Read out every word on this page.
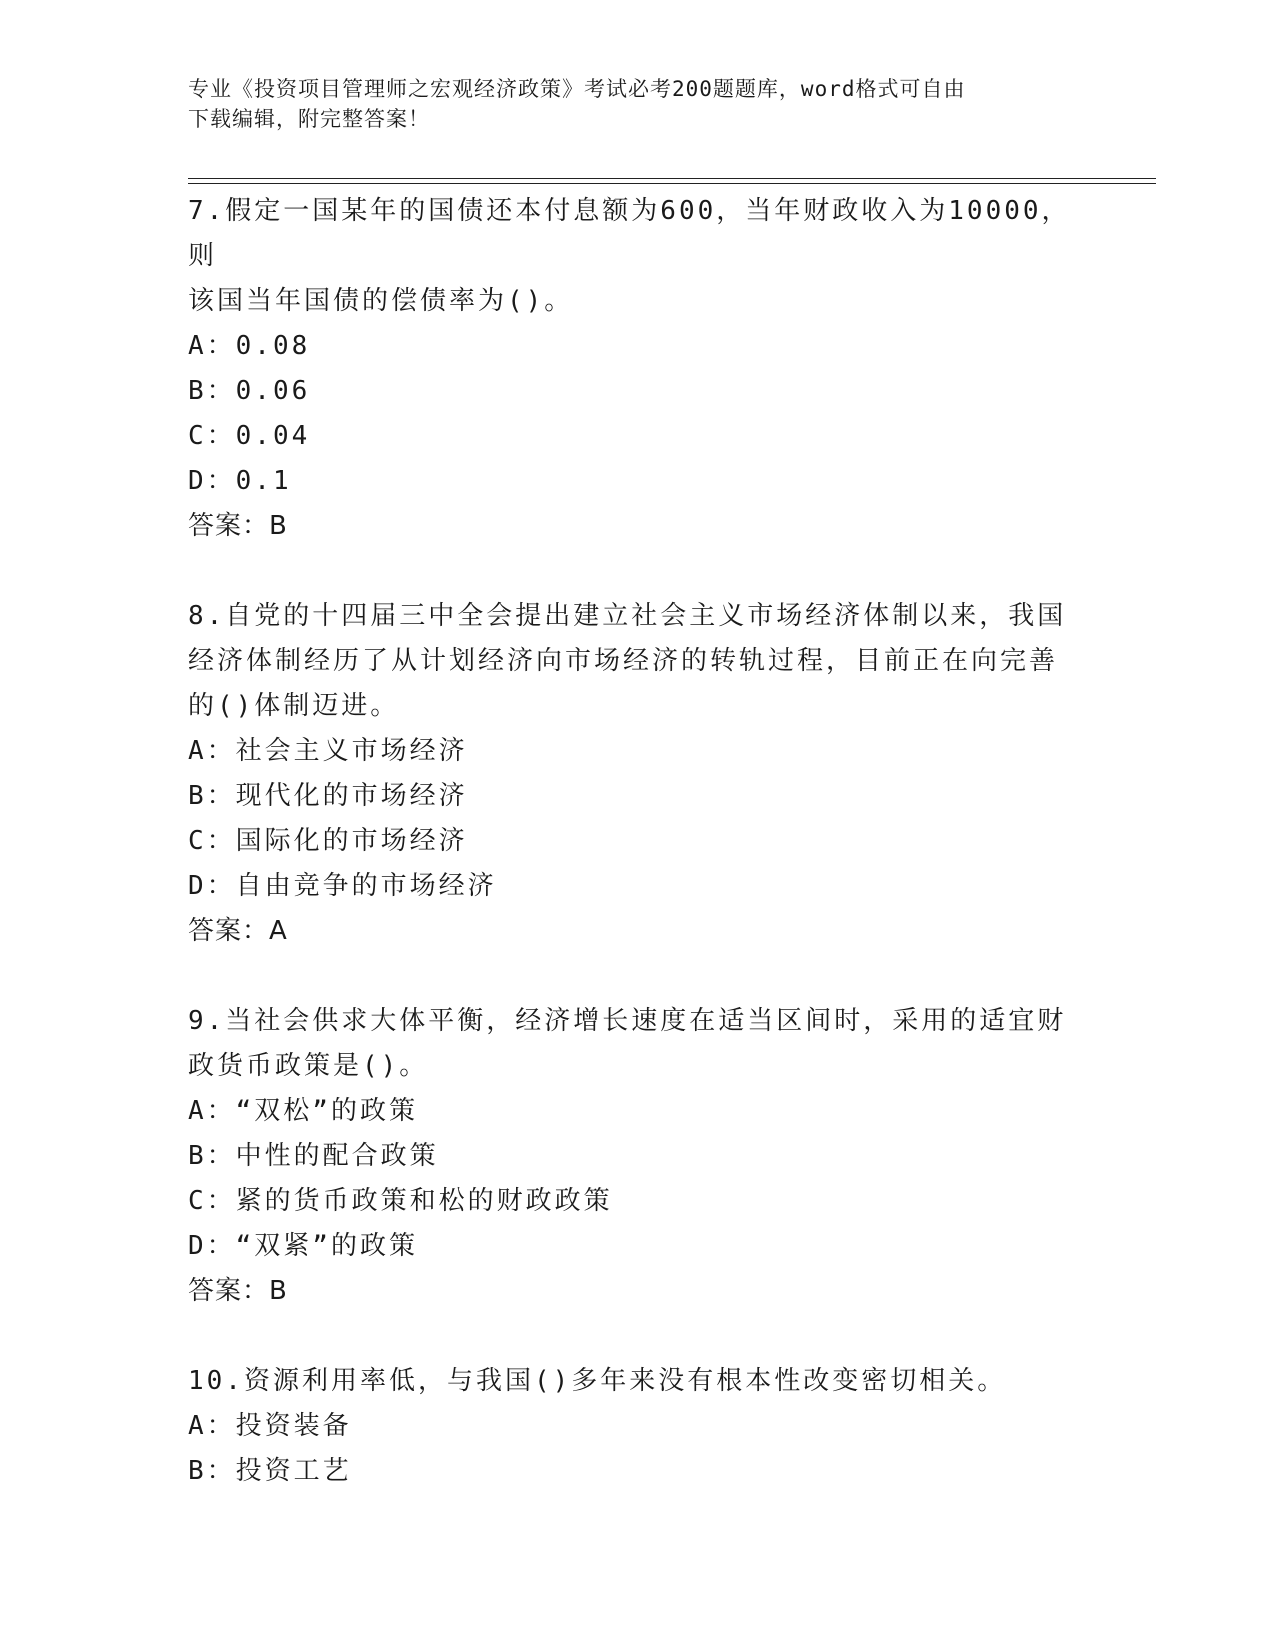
专业《投资项目管理师之宏观经济政策》考试必考200题题库，word格式可自由
下载编辑，附完整答案！
7.假定一国某年的国债还本付息额为600，当年财政收入为10000，则
该国当年国债的偿债率为()。
A：0.08
B：0.06
C：0.04
D：0.1
答案：B
8.自党的十四届三中全会提出建立社会主义市场经济体制以来，我国
经济体制经历了从计划经济向市场经济的转轨过程，目前正在向完善
的()体制迈进。
A：社会主义市场经济
B：现代化的市场经济
C：国际化的市场经济
D：自由竞争的市场经济
答案：A
9.当社会供求大体平衡，经济增长速度在适当区间时，采用的适宜财
政货币政策是()。
A：“双松”的政策
B：中性的配合政策
C：紧的货币政策和松的财政政策
D：“双紧”的政策
答案：B
10.资源利用率低，与我国()多年来没有根本性改变密切相关。
A：投资装备
B：投资工艺
